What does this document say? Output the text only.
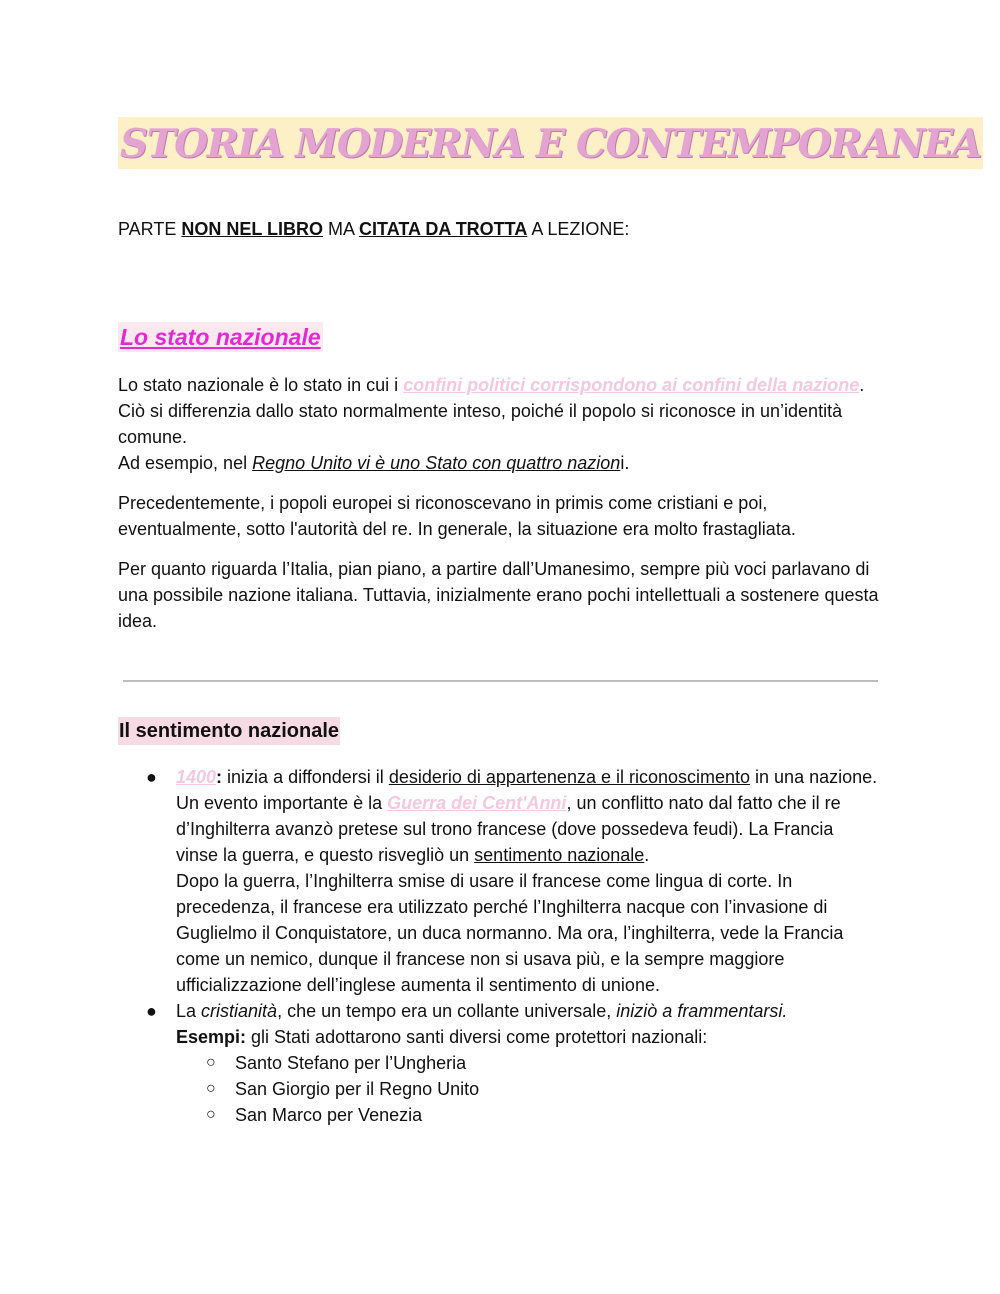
STORIA MODERNA E CONTEMPORANEA

PARTE NON NEL LIBRO MA CITATA DA TROTTA A LEZIONE:

Lo stato nazionale

Lo stato nazionale è lo stato in cui i confini politici corrispondono ai confini della nazione. Ciò si differenzia dallo stato normalmente inteso, poiché il popolo si riconosce in un’identità comune.

Ad esempio, nel Regno Unito vi è uno Stato con quattro nazioni.

Precedentemente, i popoli europei si riconoscevano in primis come cristiani e poi, eventualmente, sotto l'autorità del re. In generale, la situazione era molto frastagliata.

Per quanto riguarda l’Italia, pian piano, a partire dall’Umanesimo, sempre più voci parlavano di una possibile nazione italiana. Tuttavia, inizialmente erano pochi intellettuali a sostenere questa idea.

Il sentimento nazionale
● 1400: inizia a diffondersi il desiderio di appartenenza e il riconoscimento in una nazione.

Un evento importante è la Guerra dei Cent'Anni, un conflitto nato dal fatto che il re d’Inghilterra avanzò pretese sul trono francese (dove possedeva feudi). La Francia vinse la guerra, e questo risvegliò un sentimento nazionale.

Dopo la guerra, l’Inghilterra smise di usare il francese come lingua di corte. In precedenza, il francese era utilizzato perché l’Inghilterra nacque con l’invasione di Guglielmo il Conquistatore, un duca normanno. Ma ora, l’inghilterra, vede la Francia come un nemico, dunque il francese non si usava più, e la sempre maggiore ufficializzazione dell’inglese aumenta il sentimento di unione.

● La cristianità, che un tempo era un collante universale, iniziò a frammentarsi.

Esempi: gli Stati adottarono santi diversi come protettori nazionali:

○ Santo Stefano per l’Ungheria

○ San Giorgio per il Regno Unito

○ San Marco per Venezia
